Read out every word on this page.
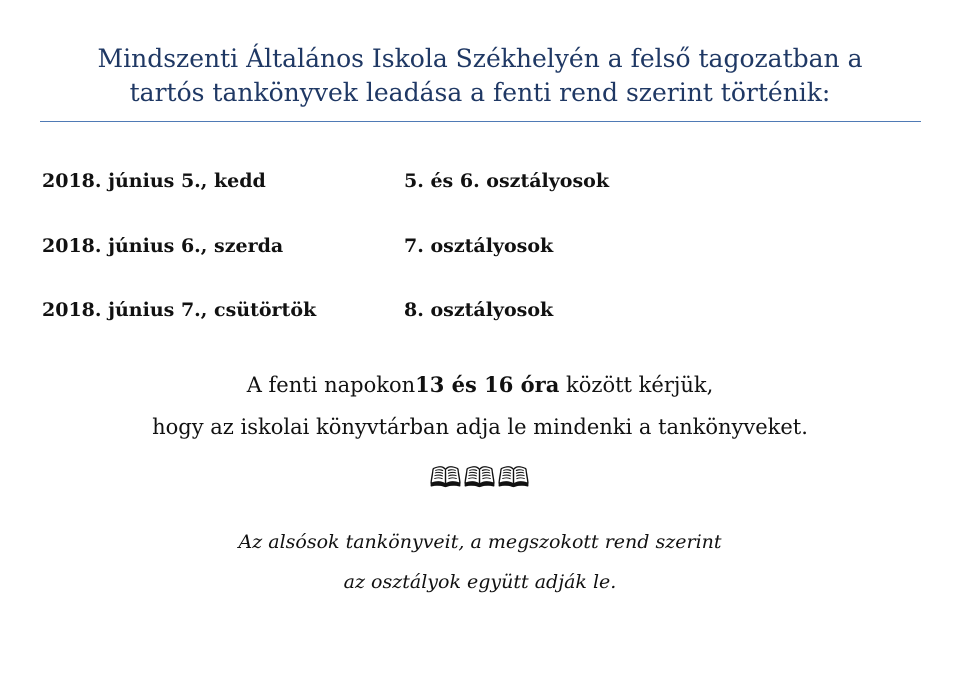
Mindszenti Általános Iskola Székhelyén a felső tagozatban a
tartós tankönyvek leadása a fenti rend szerint történik:
2018. június 5., kedd	5. és 6. osztályosok
2018. június 6., szerda	7. osztályosok
2018. június 7., csütörtök	8. osztályosok
A fenti napokon13 és 16 óra között kérjük,
hogy az iskolai könyvtárban adja le mindenki a tankönyveket.
🕮🕮🕮
Az alsósok tankönyveit, a megszokott rend szerint
az osztályok együtt adják le.
